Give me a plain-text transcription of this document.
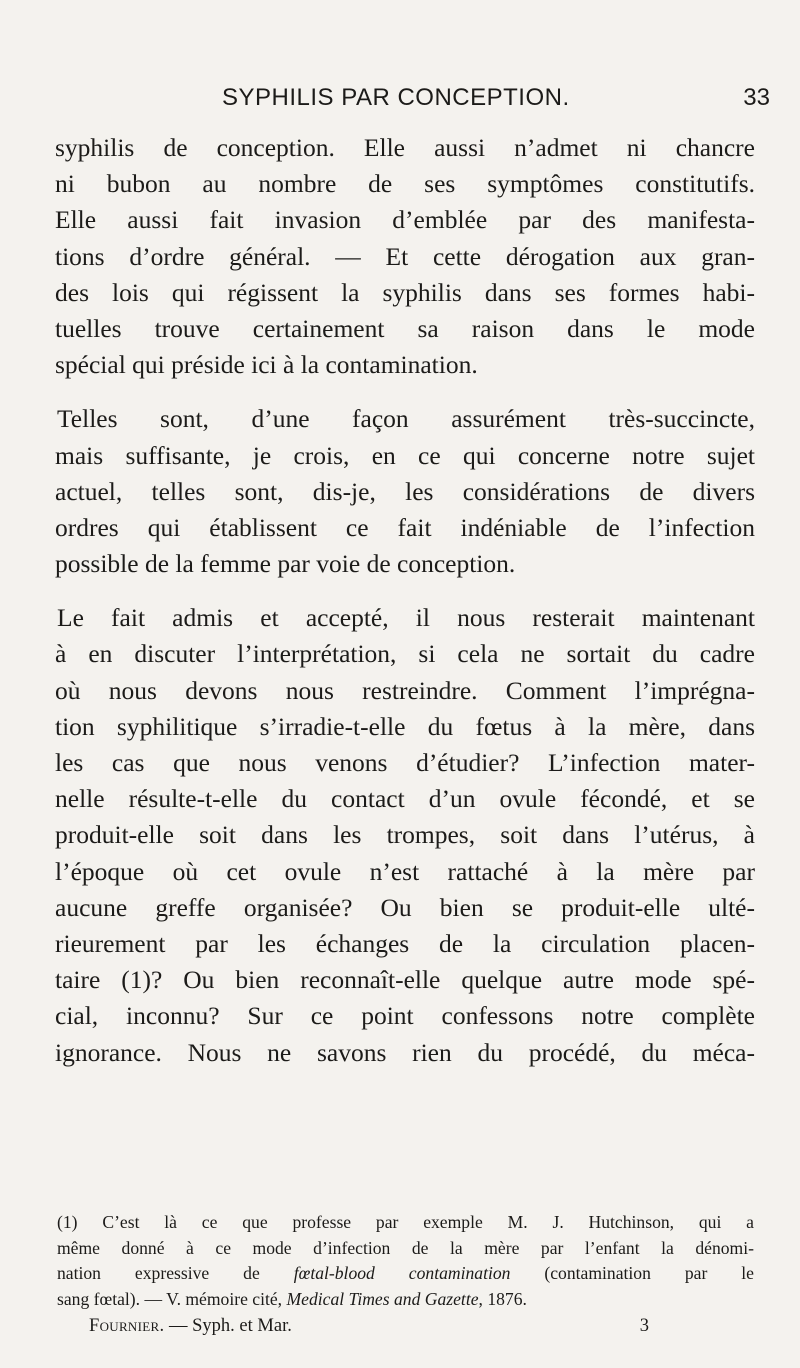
SYPHILIS PAR CONCEPTION.	33
syphilis de conception. Elle aussi n’admet ni chancre
ni bubon au nombre de ses symptômes constitutifs.
Elle aussi fait invasion d’emblée par des manifesta-
tions d’ordre général. — Et cette dérogation aux gran-
des lois qui régissent la syphilis dans ses formes habi-
tuelles trouve certainement sa raison dans le mode
spécial qui préside ici à la contamination.
Telles sont, d’une façon assurément très-succincte,
mais suffisante, je crois, en ce qui concerne notre sujet
actuel, telles sont, dis-je, les considérations de divers
ordres qui établissent ce fait indéniable de l’infection
possible de la femme par voie de conception.
Le fait admis et accepté, il nous resterait maintenant
à en discuter l’interprétation, si cela ne sortait du cadre
où nous devons nous restreindre. Comment l’imprégna-
tion syphilitique s’irradie-t-elle du fœtus à la mère, dans
les cas que nous venons d’étudier? L’infection mater-
nelle résulte-t-elle du contact d’un ovule fécondé, et se
produit-elle soit dans les trompes, soit dans l’utérus, à
l’époque où cet ovule n’est rattaché à la mère par
aucune greffe organisée? Ou bien se produit-elle ulté-
rieurement par les échanges de la circulation placen-
taire (1)? Ou bien reconnaît-elle quelque autre mode spé-
cial, inconnu? Sur ce point confessons notre complète
ignorance. Nous ne savons rien du procédé, du méca-
(1) C’est là ce que professe par exemple M. J. Hutchinson, qui a
même donné à ce mode d’infection de la mère par l’enfant la dénomi-
nation expressive de fœtal-blood contamination (contamination par le
sang fœtal). — V. mémoire cité, Medical Times and Gazette, 1876.
Fournier. — Syph. et Mar.	3
